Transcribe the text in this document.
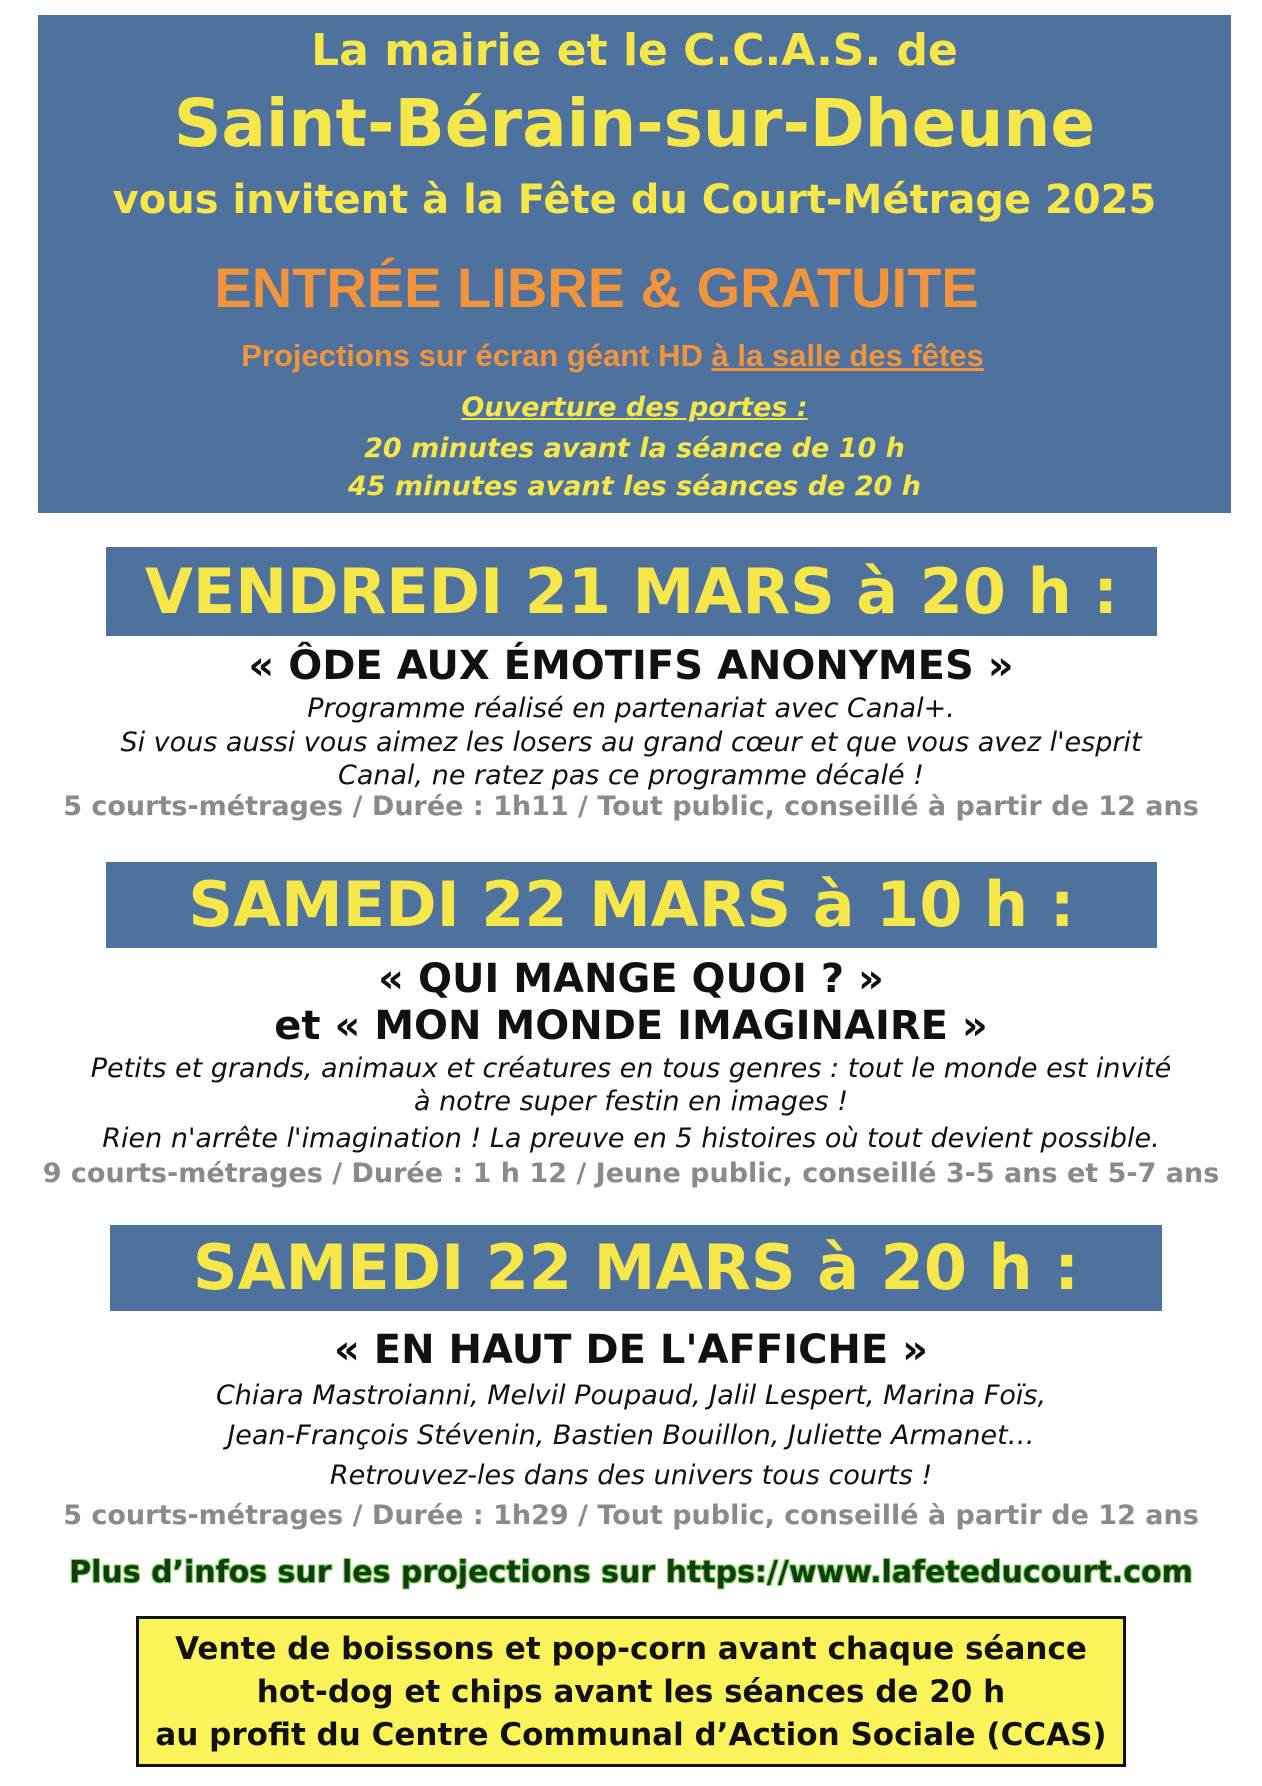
La mairie et le C.C.A.S. de
Saint-Bérain-sur-Dheune
vous invitent à la Fête du Court-Métrage 2025
ENTRÉE LIBRE & GRATUITE
Projections sur écran géant HD à la salle des fêtes
Ouverture des portes :
20 minutes avant la séance de 10 h
45 minutes avant les séances de 20 h
VENDREDI 21 MARS à 20 h :
« ÔDE AUX ÉMOTIFS ANONYMES »
Programme réalisé en partenariat avec Canal+.
Si vous aussi vous aimez les losers au grand cœur et que vous avez l'esprit
Canal, ne ratez pas ce programme décalé !
5 courts-métrages / Durée : 1h11 / Tout public, conseillé à partir de 12 ans
SAMEDI 22 MARS à 10 h :
« QUI MANGE QUOI ? »
et « MON MONDE IMAGINAIRE »
Petits et grands, animaux et créatures en tous genres : tout le monde est invité
à notre super festin en images !
Rien n'arrête l'imagination ! La preuve en 5 histoires où tout devient possible.
9 courts-métrages / Durée : 1 h 12 / Jeune public, conseillé 3-5 ans et 5-7 ans
SAMEDI 22 MARS à 20 h :
« EN HAUT DE L'AFFICHE »
Chiara Mastroianni, Melvil Poupaud, Jalil Lespert, Marina Foïs,
Jean-François Stévenin, Bastien Bouillon, Juliette Armanet…
Retrouvez-les dans des univers tous courts !
5 courts-métrages / Durée : 1h29 / Tout public, conseillé à partir de 12 ans
Plus d’infos sur les projections sur https://www.lafeteducourt.com
Vente de boissons et pop-corn avant chaque séance
hot-dog et chips avant les séances de 20 h
au profit du Centre Communal d’Action Sociale (CCAS)
